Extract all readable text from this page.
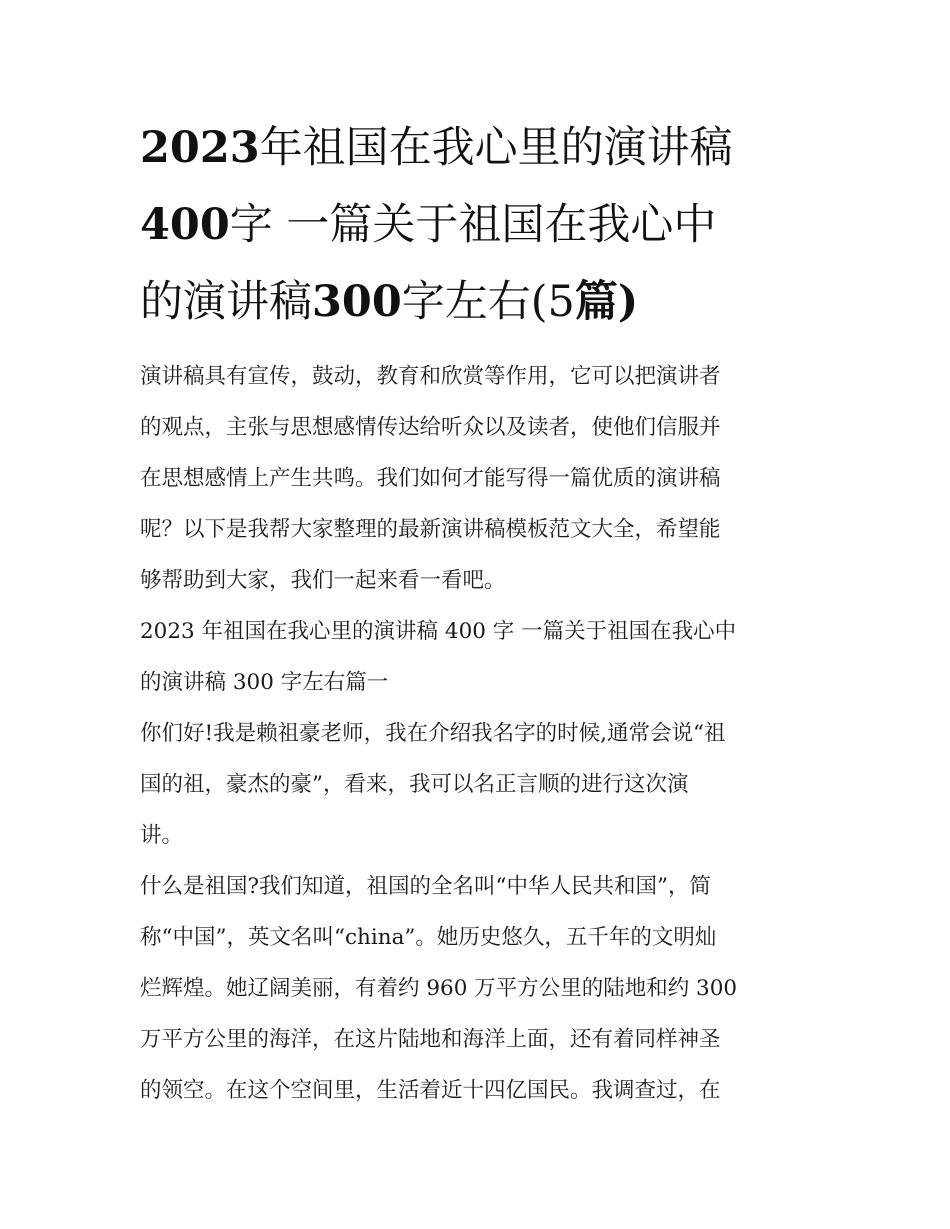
2023年祖国在我心里的演讲稿
400字 一篇关于祖国在我心中
的演讲稿300字左右(5篇)

演讲稿具有宣传，鼓动，教育和欣赏等作用，它可以把演讲者
的观点，主张与思想感情传达给听众以及读者，使他们信服并
在思想感情上产生共鸣。我们如何才能写得一篇优质的演讲稿
呢？以下是我帮大家整理的最新演讲稿模板范文大全，希望能
够帮助到大家，我们一起来看一看吧。

2023 年祖国在我心里的演讲稿 400 字 一篇关于祖国在我心中
的演讲稿 300 字左右篇一

你们好!我是赖祖豪老师，我在介绍我名字的时候,通常会说“祖
国的祖，豪杰的豪”，看来，我可以名正言顺的进行这次演
讲。

什么是祖国?我们知道，祖国的全名叫“中华人民共和国”，简
称“中国”，英文名叫“china”。她历史悠久，五千年的文明灿
烂辉煌。她辽阔美丽，有着约 960 万平方公里的陆地和约 300
万平方公里的海洋，在这片陆地和海洋上面，还有着同样神圣
的领空。在这个空间里，生活着近十四亿国民。我调查过，在
